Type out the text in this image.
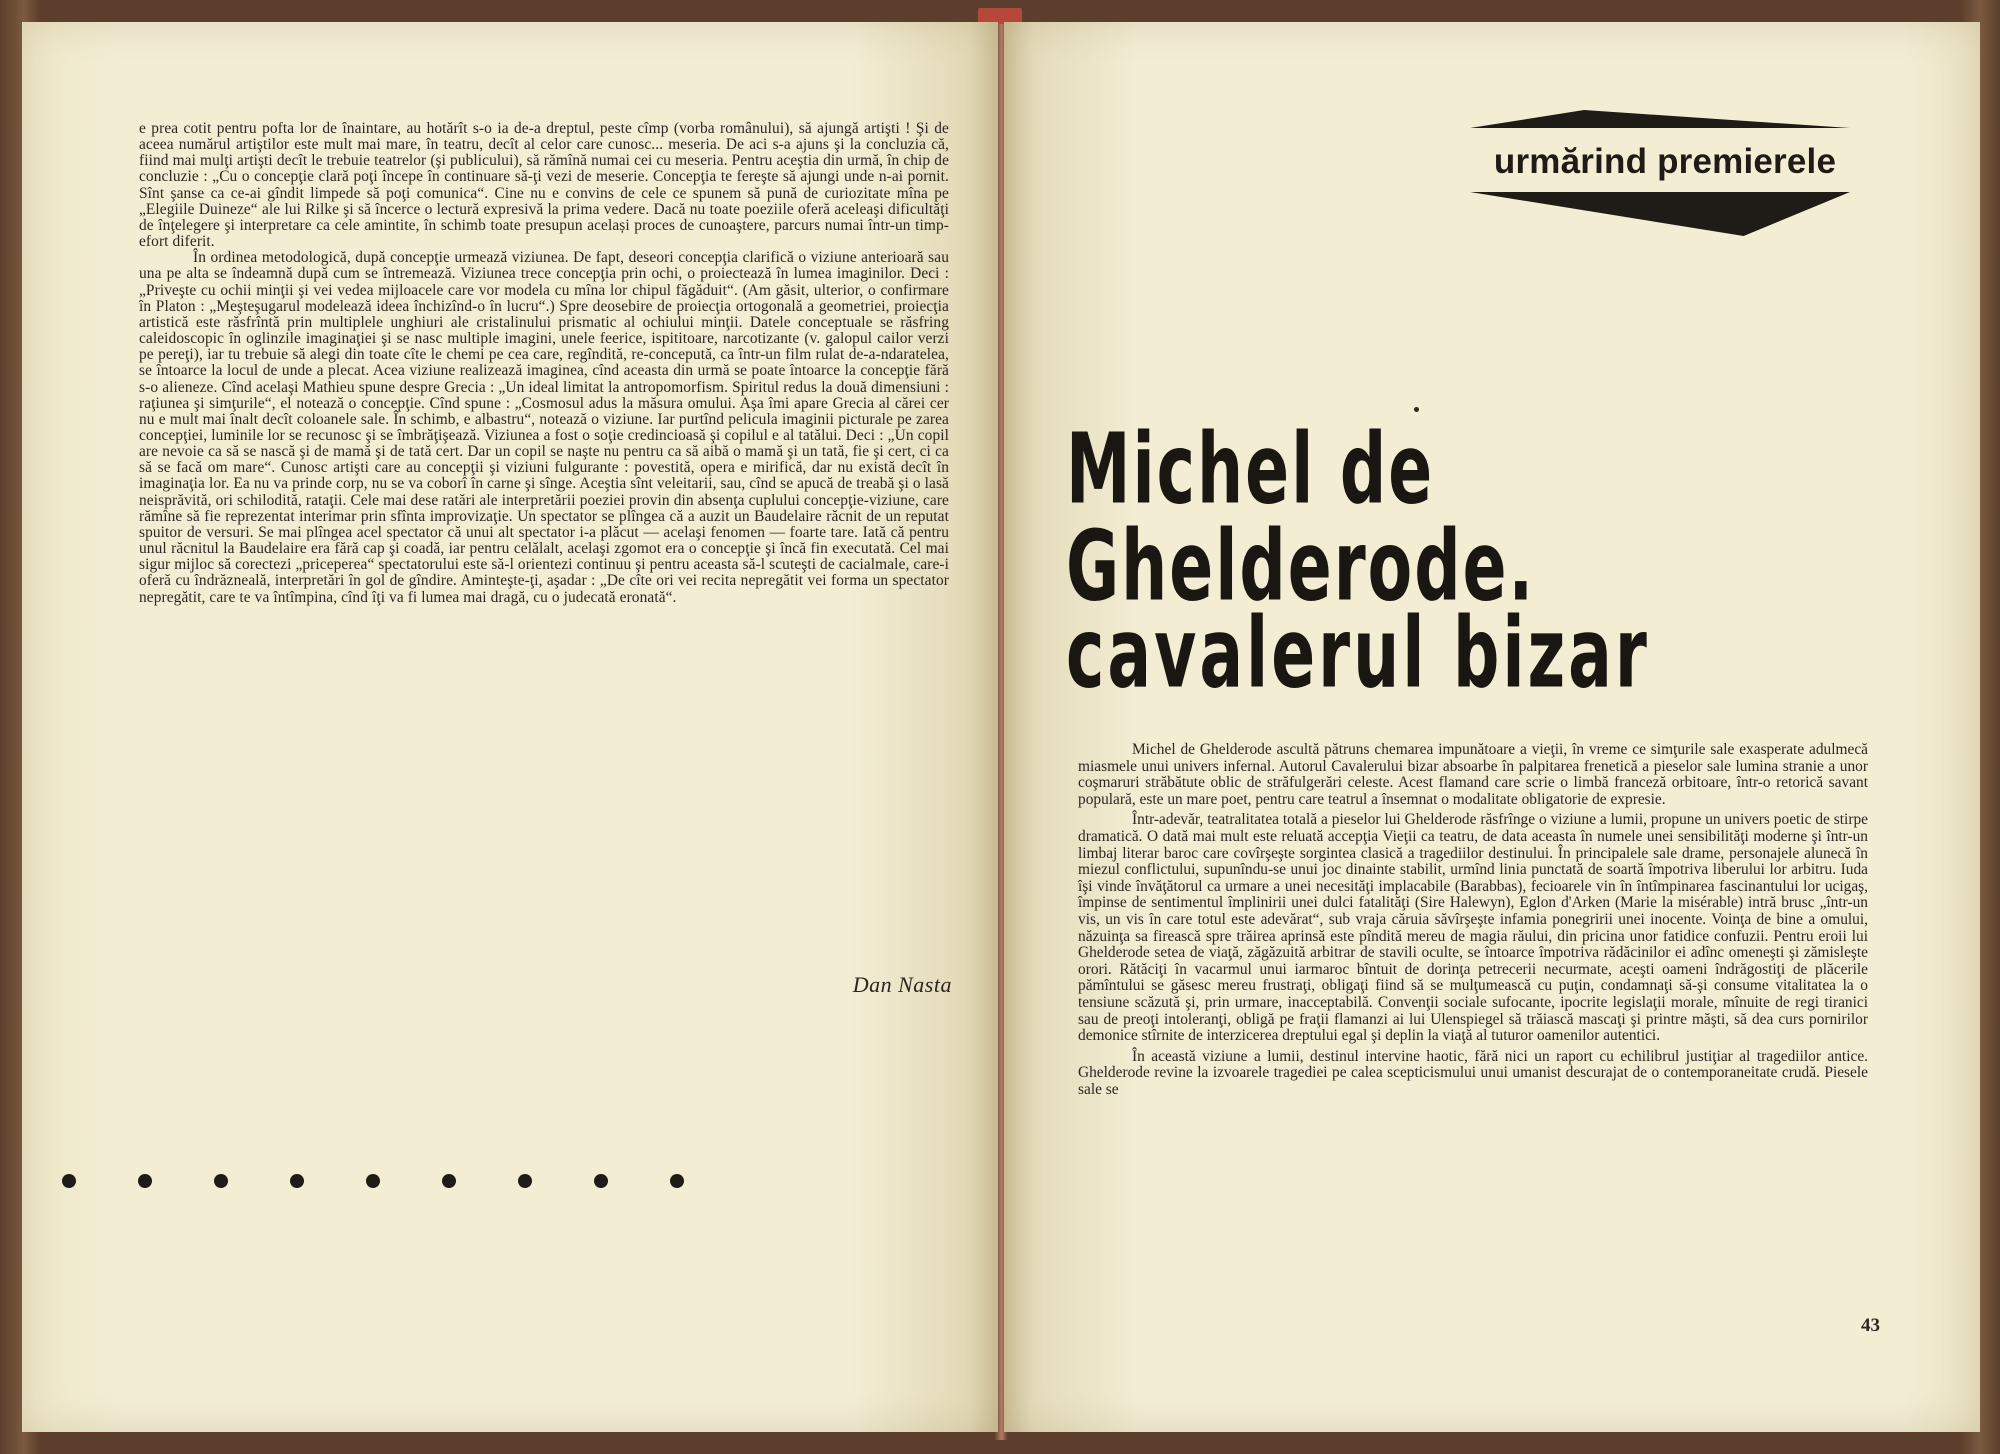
e prea cotit pentru pofta lor de înaintare, au hotărît s-o ia de-a dreptul, peste cîmp (vorba românului), să ajungă artişti ! Şi de aceea numărul artiştilor este mult mai mare, în teatru, decît al celor care cunosc... meseria. De aci s-a ajuns şi la concluzia că, fiind mai mulţi artişti decît le trebuie teatrelor (şi publicului), să rămînă numai cei cu meseria. Pentru aceştia din urmă, în chip de concluzie : „Cu o concepţie clară poţi începe în continuare să-ţi vezi de meserie. Concepţia te fereşte să ajungi unde n-ai pornit. Sînt şanse ca ce-ai gîndit limpede să poţi comunica“. Cine nu e convins de cele ce spunem să pună de curiozitate mîna pe „Elegiile Duineze“ ale lui Rilke şi să încerce o lectură expresivă la prima vedere. Dacă nu toate poeziile oferă aceleaşi dificultăţi de înţelegere şi interpretare ca cele amintite, în schimb toate presupun același proces de cunoaştere, parcurs numai într-un timp-efort diferit.

În ordinea metodologică, după concepţie urmează viziunea. De fapt, deseori concepţia clarifică o viziune anterioară sau una pe alta se îndeamnă după cum se întremează. Viziunea trece concepţia prin ochi, o proiectează în lumea imaginilor. Deci : „Priveşte cu ochii minţii şi vei vedea mijloacele care vor modela cu mîna lor chipul făgăduit“. (Am găsit, ulterior, o confirmare în Platon : „Meşteşugarul modelează ideea închizînd-o în lucru“.) Spre deosebire de proiecţia ortogonală a geometriei, proiecţia artistică este răsfrîntă prin multiplele unghiuri ale cristalinului prismatic al ochiului minţii. Datele conceptuale se răsfring caleidoscopic în oglinzile imaginaţiei şi se nasc multiple imagini, unele feerice, ispititoare, narcotizante (v. galopul cailor verzi pe pereţi), iar tu trebuie să alegi din toate cîte le chemi pe cea care, regîndită, re-concepută, ca într-un film rulat de-a-ndaratelea, se întoarce la locul de unde a plecat. Acea viziune realizează imaginea, cînd aceasta din urmă se poate întoarce la concepţie fără s-o alieneze. Cînd acelaşi Mathieu spune despre Grecia : „Un ideal limitat la antropomorfism. Spiritul redus la două dimensiuni : raţiunea şi simţurile“, el notează o concepţie. Cînd spune : „Cosmosul adus la măsura omului. Aşa îmi apare Grecia al cărei cer nu e mult mai înalt decît coloanele sale. În schimb, e albastru“, notează o viziune. Iar purtînd pelicula imaginii picturale pe zarea concepţiei, luminile lor se recunosc şi se îmbrăţişează. Viziunea a fost o soţie credincioasă şi copilul e al tatălui. Deci : „Un copil are nevoie ca să se nască şi de mamă şi de tată cert. Dar un copil se naşte nu pentru ca să aibă o mamă şi un tată, fie şi cert, ci ca să se facă om mare“. Cunosc artişti care au concepţii şi viziuni fulgurante : povestită, opera e mirifică, dar nu există decît în imaginaţia lor. Ea nu va prinde corp, nu se va coborî în carne şi sînge. Aceştia sînt veleitarii, sau, cînd se apucă de treabă şi o lasă neisprăvită, ori schilodită, rataţii. Cele mai dese ratări ale interpretării poeziei provin din absenţa cuplului concepţie-viziune, care rămîne să fie reprezentat interimar prin sfînta improvizaţie. Un spectator se plîngea că a auzit un Baudelaire răcnit de un reputat spuitor de versuri. Se mai plîngea acel spectator că unui alt spectator i-a plăcut — acelaşi fenomen — foarte tare. Iată că pentru unul răcnitul la Baudelaire era fără cap şi coadă, iar pentru celălalt, acelaşi zgomot era o concepţie şi încă fin executată. Cel mai sigur mijloc să corectezi „priceperea“ spectatorului este să-l orientezi continuu şi pentru aceasta să-l scuteşti de cacialmale, care-i oferă cu îndrăzneală, interpretări în gol de gîndire. Aminteşte-ţi, aşadar : „De cîte ori vei recita nepregătit vei forma un spectator nepregătit, care te va întîmpina, cînd îţi va fi lumea mai dragă, cu o judecată eronată“.

Dan Nasta
urmărind premierele
Michel de Ghelderode.
cavalerul bizar

Michel de Ghelderode ascultă pătruns chemarea impunătoare a vieţii, în vreme ce simţurile sale exasperate adulmecă miasmele unui univers infernal. Autorul Cavalerului bizar absoarbe în palpitarea frenetică a pieselor sale lumina stranie a unor coşmaruri străbătute oblic de străfulgerări celeste. Acest flamand care scrie o limbă franceză orbitoare, într-o retorică savant populară, este un mare poet, pentru care teatrul a însemnat o modalitate obligatorie de expresie.

Într-adevăr, teatralitatea totală a pieselor lui Ghelderode răsfrînge o viziune a lumii, propune un univers poetic de stirpe dramatică. O dată mai mult este reluată accepţia Vieţii ca teatru, de data aceasta în numele unei sensibilităţi moderne şi într-un limbaj literar baroc care covîrşeşte sorgintea clasică a tragediilor destinului. În principalele sale drame, personajele alunecă în miezul conflictului, supunîndu-se unui joc dinainte stabilit, urmînd linia punctată de soartă împotriva liberului lor arbitru. Iuda îşi vinde învăţătorul ca urmare a unei necesităţi implacabile (Barabbas), fecioarele vin în întîmpinarea fascinantului lor ucigaş, împinse de sentimentul împlinirii unei dulci fatalităţi (Sire Halewyn), Eglon d'Arken (Marie la misérable) intră brusc „într-un vis, un vis în care totul este adevărat“, sub vraja căruia săvîrşeşte infamia ponegririi unei inocente. Voinţa de bine a omului, năzuinţa sa firească spre trăirea aprinsă este pîndită mereu de magia răului, din pricina unor fatidice confuzii. Pentru eroii lui Ghelderode setea de viaţă, zăgăzuită arbitrar de stavili oculte, se întoarce împotriva rădăcinilor ei adînc omeneşti şi zămisleşte orori. Rătăciţi în vacarmul unui iarmaroc bîntuit de dorinţa petrecerii necurmate, aceşti oameni îndrăgostiţi de plăcerile pămîntului se găsesc mereu frustraţi, obligaţi fiind să se mulţumească cu puţin, condamnaţi să-şi consume vitalitatea la o tensiune scăzută şi, prin urmare, inacceptabilă. Convenţii sociale sufocante, ipocrite legislaţii morale, mînuite de regi tiranici sau de preoţi intoleranţi, obligă pe fraţii flamanzi ai lui Ulenspiegel să trăiască mascaţi şi printre măşti, să dea curs pornirilor demonice stîrnite de interzicerea dreptului egal şi deplin la viaţă al tuturor oamenilor autentici.

În această viziune a lumii, destinul intervine haotic, fără nici un raport cu echilibrul justiţiar al tragediilor antice. Ghelderode revine la izvoarele tragediei pe calea scepticismului unui umanist descurajat de o contemporaneitate crudă. Piesele sale se

43
